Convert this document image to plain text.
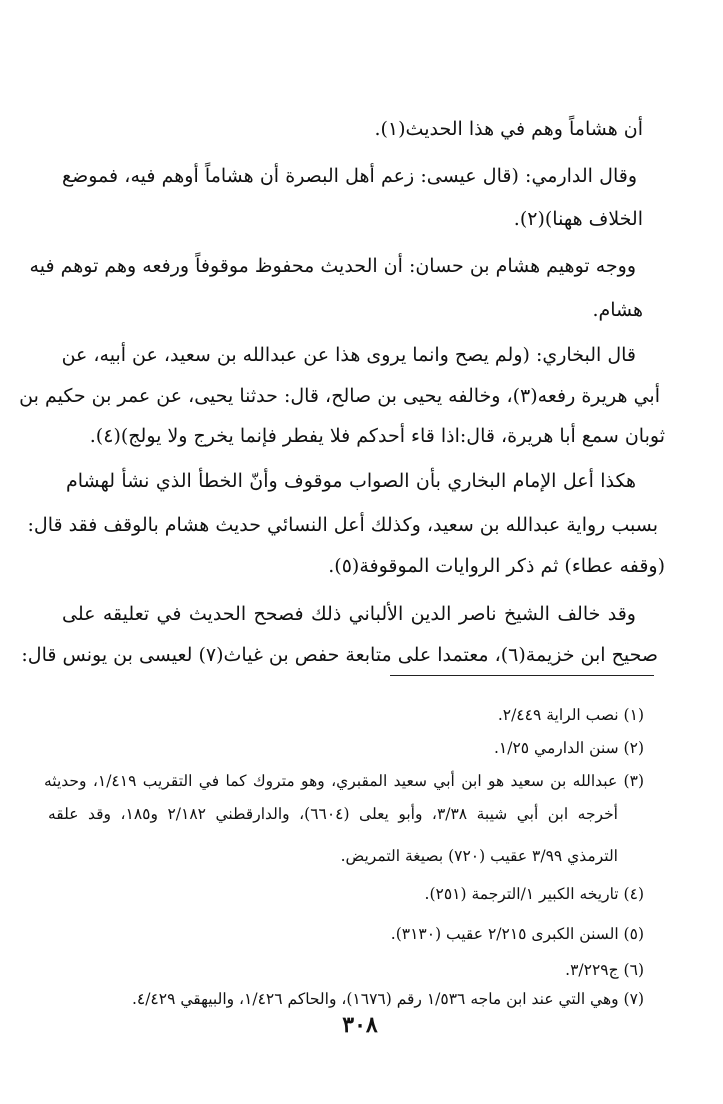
أن هشاماً وهم في هذا الحديث(١).
وقال الدارمي: (قال عيسى: زعم أهل البصرة أن هشاماً أوهم فيه، فموضع
الخلاف ههنا)(٢).
ووجه توهيم هشام بن حسان: أن الحديث محفوظ موقوفاً ورفعه وهم توهم فيه
هشام.
قال البخاري: (ولم يصح وانما يروى هذا عن عبدالله بن سعيد، عن أبيه، عن
أبي هريرة رفعه(٣)، وخالفه يحيى بن صالح، قال: حدثنا يحيى، عن عمر بن حكيم بن
ثوبان سمع أبا هريرة، قال:اذا قاء أحدكم فلا يفطر فإنما يخرج ولا يولج)(٤).
هكذا أعل الإمام البخاري بأن الصواب موقوف وأنّ الخطأ الذي نشأ لهشام
بسبب رواية عبدالله بن سعيد، وكذلك أعل النسائي حديث هشام بالوقف فقد قال:
(وقفه عطاء) ثم ذكر الروايات الموقوفة(٥).
وقد خالف الشيخ ناصر الدين الألباني ذلك فصحح الحديث في تعليقه على
صحيح ابن خزيمة(٦)، معتمدا على متابعة حفص بن غياث(٧) لعيسى بن يونس قال:
(١) نصب الراية ٢/٤٤٩.
(٢) سنن الدارمي ١/٢٥.
(٣) عبدالله بن سعيد هو ابن أبي سعيد المقبري، وهو متروك كما في التقريب ١/٤١٩، وحديثه
أخرجه ابن أبي شيبة ٣/٣٨، وأبو يعلى (٦٦٠٤)، والدارقطني ٢/١٨٢ و١٨٥، وقد علقه
الترمذي ٣/٩٩ عقيب (٧٢٠) بصيغة التمريض.
(٤) تاريخه الكبير ١/الترجمة (٢٥١).
(٥) السنن الكبرى ٢/٢١٥ عقيب (٣١٣٠).
(٦) ج٣/٢٢٩.
(٧) وهي التي عند ابن ماجه ١/٥٣٦ رقم (١٦٧٦)، والحاكم ١/٤٢٦، والبيهقي ٤/٤٢٩.
٣٠٨
